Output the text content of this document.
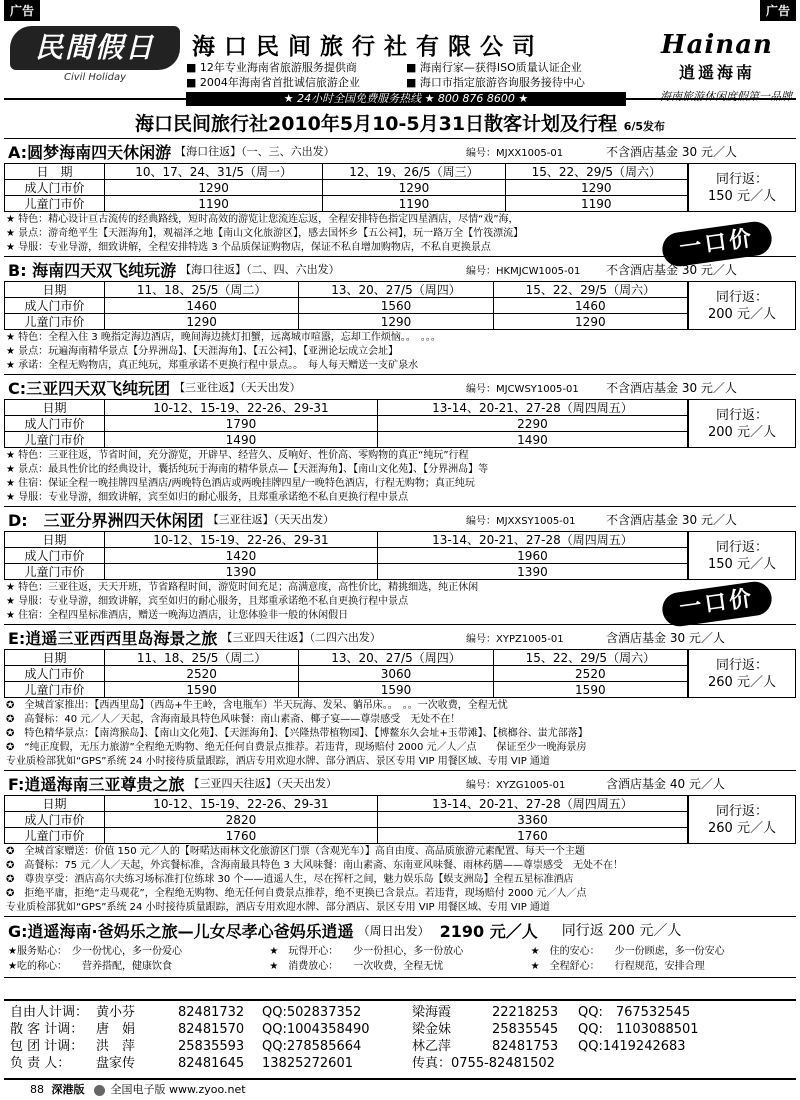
广告	广告
民間假日
Civil Holiday
海口民间旅行社有限公司
■ 12年专业海南省旅游服务提供商	■ 海南行家—获得ISO质量认证企业
■ 2004年海南省首批诚信旅游企业	■ 海口市指定旅游咨询服务接待中心
★ 24小时全国免费服务热线 ★ 800 876 8600 ★
Hainan
逍遥海南
海南旅游休闲度假第一品牌
海口民间旅行社2010年5月10-5月31日散客计划及行程 6/5发布
A:圆梦海南四天休闲游 【海口往返】（一、三、六出发）	编号：MJXX1005-01	不含酒店基金 30 元／人
日　期	10、17、24、31/5（周一）	12、19、26/5（周三）	15、22、29/5（周六）
成人门市价	1290	1290	1290
儿童门市价	1190	1190	1190
同行返：
150 元／人
★ 特色：精心设计亘古流传的经典路线，短时高效的游览让您流连忘返，全程安排特色指定四星酒店，尽情“戏”海，
★ 景点：游奇绝平生【天涯海角】，观福泽之地【南山文化旅游区】，感去国怀乡【五公祠】，玩一路万全【竹筏漂流】
★ 导服：专业导游，细致讲解，全程安排特选 3 个品质保证购物店，保证不私自增加购物店，不私自更换景点	一口价
B: 海南四天双飞纯玩游 【海口往返】（二、四、六出发）	编号：HKMJCW1005-01	不含酒店基金 30 元／人
日期	11、18、25/5（周二）	13、20、27/5（周四）	15、22、29/5（周六）
成人门市价	1460	1560	1460
儿童门市价	1290	1290	1290
同行返：
200 元／人
★ 特色：全程入住 3 晚指定海边酒店，晚间海边挑灯扣蟹，远离城市喧嚣，忘却工作烦恼。。　。。。
★ 景点：玩遍海南精华景点【分界洲岛】、【天涯海角】、【五公祠】、【亚洲论坛成立会址】
★ 承诺：全程无购物店，真正纯玩，郑重承诺不更换行程中景点。。　每人每天赠送一支矿泉水
C:三亚四天双飞纯玩团 【三亚往返】（天天出发）	编号：MJCWSY1005-01	不含酒店基金 30 元／人
日期	10-12、15-19、22-26、29-31	13-14、20-21、27-28（周四周五）
成人门市价	1790	2290
儿童门市价	1490	1490
同行返：
200 元／人
★ 特色：三亚往返，节省时间，充分游览，开辟早、经营久、反响好、性价高、零购物的真正“纯玩”行程
★ 景点：最具性价比的经典设计，囊括纯玩于海南的精华景点—【天涯海角】、【南山文化苑】、【分界洲岛】等
★ 住宿：保证全程一晚挂牌四星酒店/两晚特色酒店或两晚挂牌四星/一晚特色酒店，行程无购物；真正纯玩
★ 导服：专业导游，细致讲解，宾至如归的耐心服务，且郑重承诺绝不私自更换行程中景点
D:　三亚分界洲四天休闲团 【三亚往返】（天天出发）	编号：MJXXSY1005-01	不含酒店基金 30 元／人
日期	10-12、15-19、22-26、29-31	13-14、20-21、27-28（周四周五）
成人门市价	1420	1960
儿童门市价	1390	1390
同行返：
150 元／人
★ 特色：三亚往返，天天开班，节省路程时间，游览时间充足；高满意度，高性价比，精挑细选，纯正休闲
★ 导服：专业导游，细致讲解，宾至如归的耐心服务，且郑重承诺绝不私自更换行程中景点
★ 住宿：全程四星标准酒店，赠送一晚海边酒店，让您体验非一般的休闲假日	一口价
E:逍遥三亚西西里岛海景之旅 【三亚四天往返】（二四六出发）	编号：XYPZ1005-01	含酒店基金 30 元／人
日期	11、18、25/5（周二）	13、20、27/5（周四）	15、22、29/5（周六）
成人门市价	2520	3060	2520
儿童门市价	1590	1590	1590
同行返：
260 元／人
✪　全城首家推出：【西西里岛】（西岛+牛王岭，含电瓶车）半天玩海、发呆、躺吊床。。　。。一次收费，全程无忧
✪　高餐标：40 元／人／天起，含海南最具特色风味餐：南山素斋、椰子宴——尊崇感受　无处不在！
✪　特色精华景点：【南湾猴岛】、【南山文化苑】、【天涯海角】、【兴隆热带植物园】、【博鳌东久会址+玉带滩】、【槟榔谷、蚩尤部落】
✪　“纯正度假，无压力旅游”全程绝无购物、绝无任何自费景点推荐。若违背，现场赔付 2000 元／人／点　　保证至少一晚海景房
专业质检部犹如“GPS”系统 24 小时接待质量跟踪，酒店专用欢迎水牌、部分酒店、景区专用 VIP 用餐区域、专用 VIP 通道
F:逍遥海南三亚尊贵之旅 【三亚四天往返】（天天出发）	编号：XYZG1005-01	含酒店基金 40 元／人
日期	10-12、15-19、22-26、29-31	13-14、20-21、27-28（周四周五）
成人门市价	2820	3360
儿童门市价	1760	1760
同行返：
260 元／人
✪　全城首家赠送：价值 150 元／人的【呀喏达雨林文化旅游区门票（含观光车）】高自由度、高品质旅游元素配置、每天一个主题
✪　高餐标：75 元／人／天起，外宾餐标准，含海南最具特色 3 大风味餐：南山素斋、东南亚风味餐、雨林药膳——尊崇感受　无处不在！
✪　尊贵享受：酒店高尔夫练习场标准打位练球 30 个——逍遥人生，尽在挥杆之间，魅力娱乐岛【蜈支洲岛】全程五星标准酒店
✪　拒绝平庸，拒绝“走马观花”，全程绝无购物、绝无任何自费景点推荐，绝不更换已含景点。若违背，现场赔付 2000 元／人／点
专业质检部犹如“GPS”系统 24 小时接待质量跟踪，酒店专用欢迎水牌、部分酒店、景区专用 VIP 用餐区域、专用 VIP 通道
G:逍遥海南·爸妈乐之旅—儿女尽孝心爸妈乐逍遥 （周日出发） 2190 元／人 同行返 200 元／人
★服务贴心：　少一份忧心，多一份爱心	★　玩得开心：　　少一份担心，多一份放心	★　住的安心：　　少一份顾虑，多一份安心
★吃的称心：　　营养搭配，健康饮食	★　消费放心：　　一次收费，全程无忧	★　全程舒心：　　行程规范，安排合理
自由人计调： 黄小芬	82481732	QQ:502837352	梁海霞	22218253	QQ:　767532545
散 客 计调： 唐　娟	82481570	QQ:1004358490	梁金妹	25835545	QQ:　1103088501
包 团 计调： 洪　萍	25835593	QQ:278585664	林乙萍	82481753	QQ:1419242683
负 责 人：	盘家传	82481645	13825272601	传真：0755-82481502
88 深港版 全国电子版 www.zyoo.net
